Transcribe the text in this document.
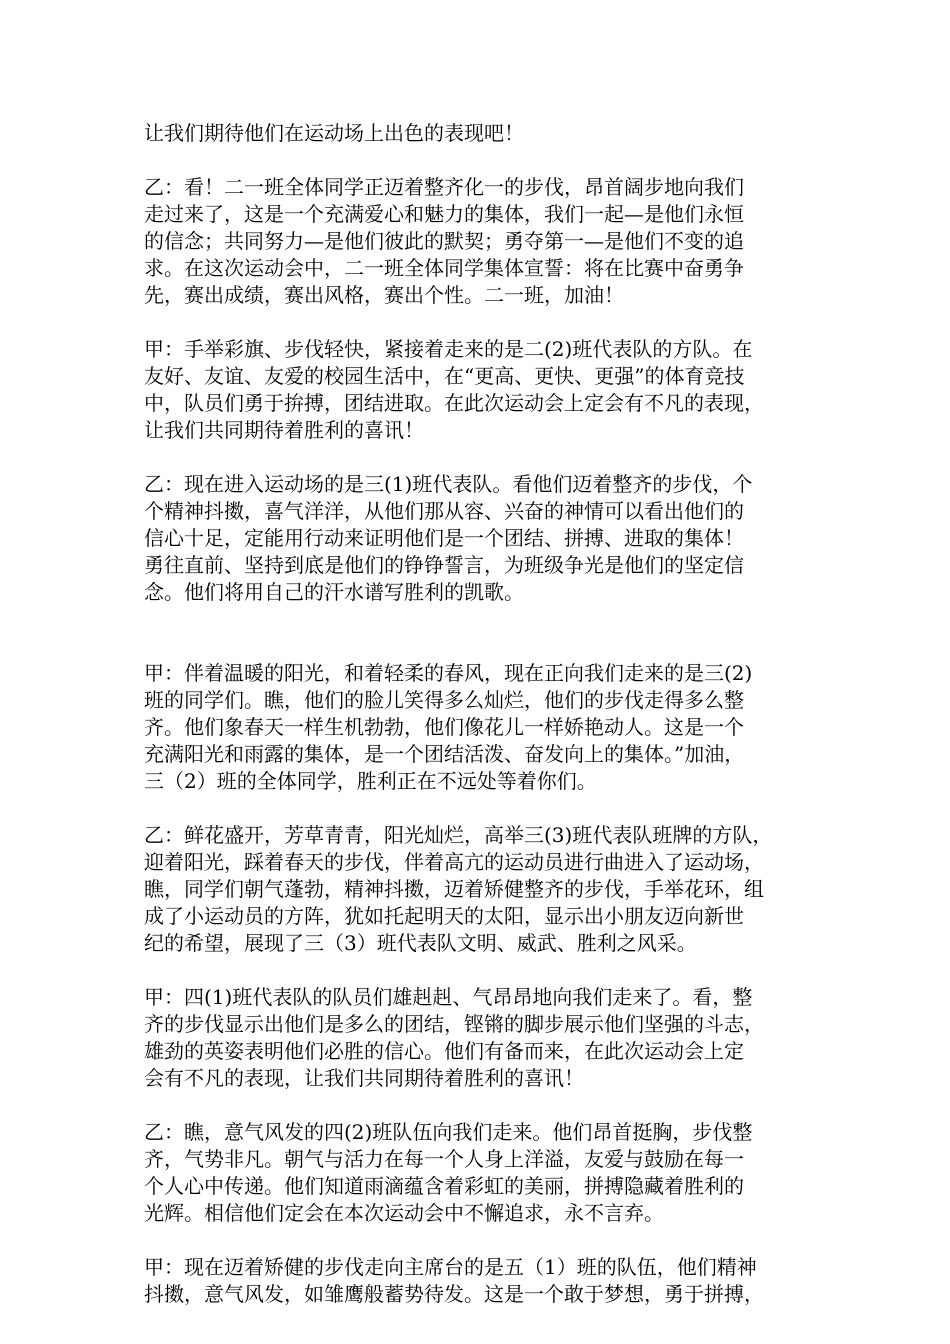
让我们期待他们在运动场上出色的表现吧！

乙：看！二一班全体同学正迈着整齐化一的步伐，昂首阔步地向我们
走过来了，这是一个充满爱心和魅力的集体，我们一起—是他们永恒
的信念；共同努力—是他们彼此的默契；勇夺第一—是他们不变的追
求。在这次运动会中，二一班全体同学集体宣誓：将在比赛中奋勇争
先，赛出成绩，赛出风格，赛出个性。二一班，加油！

甲：手举彩旗、步伐轻快，紧接着走来的是二(2)班代表队的方队。在
友好、友谊、友爱的校园生活中，在“更高、更快、更强”的体育竞技
中，队员们勇于拚搏，团结进取。在此次运动会上定会有不凡的表现，
让我们共同期待着胜利的喜讯！

乙：现在进入运动场的是三(1)班代表队。看他们迈着整齐的步伐，个
个精神抖擞，喜气洋洋，从他们那从容、兴奋的神情可以看出他们的
信心十足，定能用行动来证明他们是一个团结、拼搏、进取的集体！
勇往直前、坚持到底是他们的铮铮誓言，为班级争光是他们的坚定信
念。他们将用自己的汗水谱写胜利的凯歌。

甲：伴着温暖的阳光，和着轻柔的春风，现在正向我们走来的是三(2)
班的同学们。瞧，他们的脸儿笑得多么灿烂，他们的步伐走得多么整
齐。他们象春天一样生机勃勃，他们像花儿一样娇艳动人。这是一个
充满阳光和雨露的集体，是一个团结活泼、奋发向上的集体。”加油，
三（2）班的全体同学，胜利正在不远处等着你们。

乙：鲜花盛开，芳草青青，阳光灿烂，高举三(3)班代表队班牌的方队，
迎着阳光，踩着春天的步伐，伴着高亢的运动员进行曲进入了运动场，
瞧，同学们朝气蓬勃，精神抖擞，迈着矫健整齐的步伐，手举花环，组
成了小运动员的方阵，犹如托起明天的太阳，显示出小朋友迈向新世
纪的希望，展现了三（3）班代表队文明、威武、胜利之风采。

甲：四(1)班代表队的队员们雄赳赳、气昂昂地向我们走来了。看，整
齐的步伐显示出他们是多么的团结，铿锵的脚步展示他们坚强的斗志，
雄劲的英姿表明他们必胜的信心。他们有备而来，在此次运动会上定
会有不凡的表现，让我们共同期待着胜利的喜讯！

乙：瞧，意气风发的四(2)班队伍向我们走来。他们昂首挺胸，步伐整
齐，气势非凡。朝气与活力在每一个人身上洋溢，友爱与鼓励在每一
个人心中传递。他们知道雨滴蕴含着彩虹的美丽，拼搏隐藏着胜利的
光辉。相信他们定会在本次运动会中不懈追求，永不言弃。

甲：现在迈着矫健的步伐走向主席台的是五（1）班的队伍，他们精神
抖擞，意气风发，如雏鹰般蓄势待发。这是一个敢于梦想，勇于拼搏，
